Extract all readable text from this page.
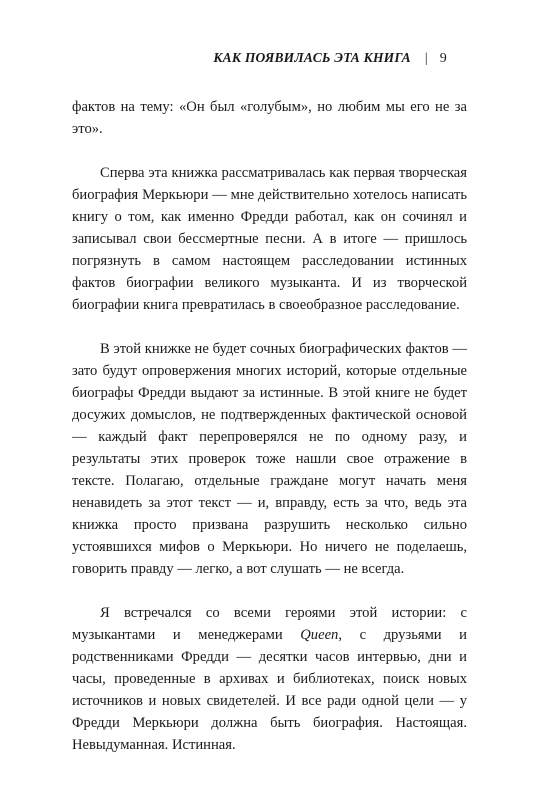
КАК ПОЯВИЛАСЬ ЭТА КНИГА | 9

фактов на тему: «Он был «голубым», но любим мы его не за это».

Сперва эта книжка рассматривалась как первая творческая биография Меркьюри — мне действительно хотелось написать книгу о том, как именно Фредди работал, как он сочинял и записывал свои бессмертные песни. А в итоге — пришлось погрязнуть в самом настоящем расследовании истинных фактов биографии великого музыканта. И из творческой биографии книга превратилась в своеобразное расследование.

В этой книжке не будет сочных биографических фактов — зато будут опровержения многих историй, которые отдельные биографы Фредди выдают за истинные. В этой книге не будет досужих домыслов, не подтвержденных фактической основой — каждый факт перепроверялся не по одному разу, и результаты этих проверок тоже нашли свое отражение в тексте. Полагаю, отдельные граждане могут начать меня ненавидеть за этот текст — и, вправду, есть за что, ведь эта книжка просто призвана разрушить несколько сильно устоявшихся мифов о Меркьюри. Но ничего не поделаешь, говорить правду — легко, а вот слушать — не всегда.

Я встречался со всеми героями этой истории: с музыкантами и менеджерами Queen, с друзьями и родственниками Фредди — десятки часов интервью, дни и часы, проведенные в архивах и библиотеках, поиск новых источников и новых свидетелей. И все ради одной цели — у Фредди Меркьюри должна быть биография. Настоящая. Невыдуманная. Истинная.
